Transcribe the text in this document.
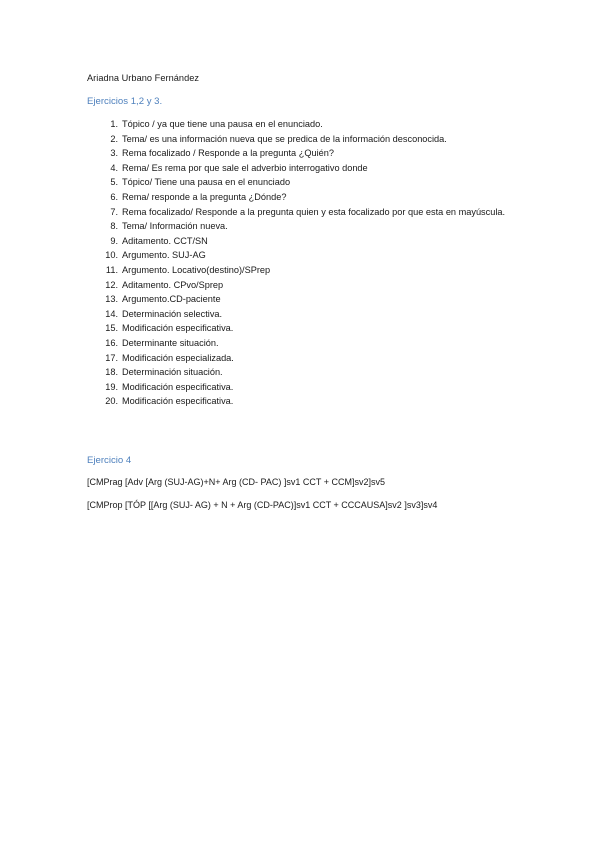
Ariadna Urbano Fernández
Ejercicios 1,2 y 3.
1. Tópico / ya que tiene una pausa en el enunciado.
2. Tema/ es una información nueva que se predica de la información desconocida.
3. Rema focalizado / Responde a la pregunta ¿Quién?
4. Rema/ Es rema por que sale el adverbio interrogativo donde
5. Tópico/ Tiene una pausa en el enunciado
6. Rema/ responde a la pregunta ¿Dónde?
7. Rema focalizado/ Responde a la pregunta quien y esta focalizado por que esta en mayúscula.
8. Tema/ Información nueva.
9. Aditamento. CCT/SN
10. Argumento. SUJ-AG
11. Argumento. Locativo(destino)/SPrep
12. Aditamento. CPvo/Sprep
13. Argumento.CD-paciente
14. Determinación selectiva.
15. Modificación especificativa.
16. Determinante situación.
17. Modificación especializada.
18. Determinación situación.
19. Modificación especificativa.
20. Modificación especificativa.
Ejercicio 4
[CMPrag [Adv [Arg (SUJ-AG)+N+ Arg (CD- PAC) ]sv1 CCT + CCM]sv2]sv5
[CMProp [TÓP [[Arg (SUJ- AG) + N + Arg (CD-PAC)]sv1 CCT + CCCAUSA]sv2 ]sv3]sv4
